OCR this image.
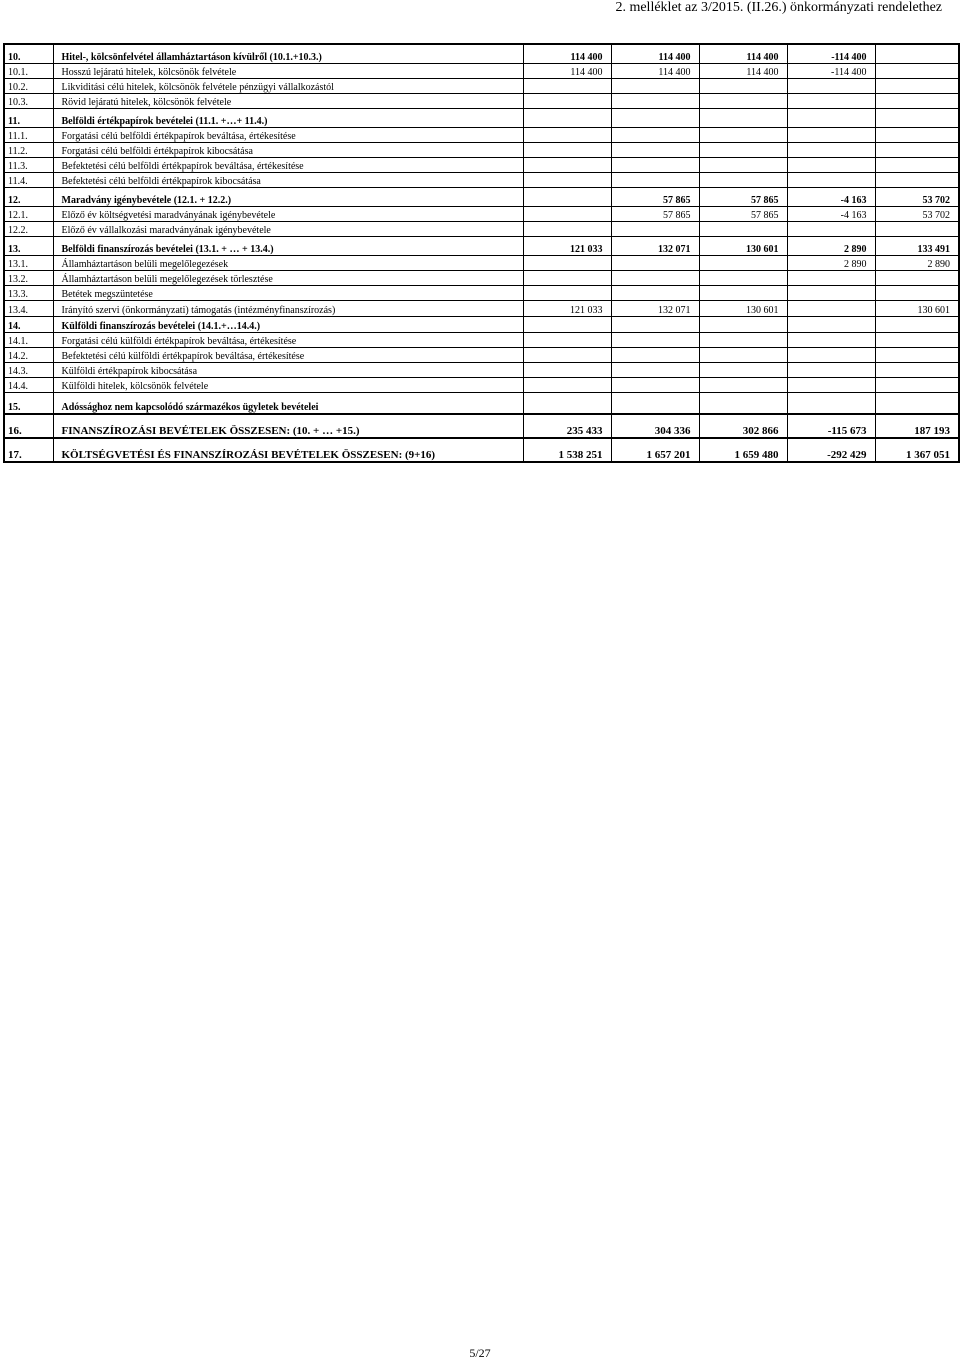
2. melléklet az 3/2015. (II.26.) önkormányzati rendelethez
10.	Hitel-, kölcsönfelvétel államháztartáson kívülről (10.1.+10.3.)	114 400	114 400	114 400	-114 400	
10.1.	Hosszú lejáratú hitelek, kölcsönök felvétele	114 400	114 400	114 400	-114 400	
10.2.	Likviditási célú hitelek, kölcsönök felvétele pénzügyi vállalkozástól					
10.3.	Rövid lejáratú hitelek, kölcsönök felvétele					
11.	Belföldi értékpapírok bevételei (11.1. +…+ 11.4.)					
11.1.	Forgatási célú belföldi értékpapírok beváltása, értékesítése					
11.2.	Forgatási célú belföldi értékpapírok kibocsátása					
11.3.	Befektetési célú belföldi értékpapírok beváltása, értékesítése					
11.4.	Befektetési célú belföldi értékpapírok kibocsátása					
12.	Maradvány igénybevétele (12.1. + 12.2.)		57 865	57 865	-4 163	53 702
12.1.	Előző év költségvetési maradványának igénybevétele		57 865	57 865	-4 163	53 702
12.2.	Előző év vállalkozási maradványának igénybevétele					
13.	Belföldi finanszírozás bevételei (13.1. + … + 13.4.)	121 033	132 071	130 601	2 890	133 491
13.1.	Államháztartáson belüli megelőlegezések				2 890	2 890
13.2.	Államháztartáson belüli megelőlegezések törlesztése					
13.3.	Betétek megszüntetése					
13.4.	Irányító szervi (önkormányzati) támogatás (intézményfinanszírozás)	121 033	132 071	130 601		130 601
14.	Külföldi finanszírozás bevételei (14.1.+…14.4.)					
14.1.	Forgatási célú külföldi értékpapírok beváltása, értékesítése					
14.2.	Befektetési célú külföldi értékpapírok beváltása, értékesítése					
14.3.	Külföldi értékpapírok kibocsátása					
14.4.	Külföldi hitelek, kölcsönök felvétele					
15.	Adóssághoz nem kapcsolódó származékos ügyletek bevételei					
16.	FINANSZÍROZÁSI BEVÉTELEK ÖSSZESEN: (10. + … +15.)	235 433	304 336	302 866	-115 673	187 193
17.	KÖLTSÉGVETÉSI ÉS FINANSZÍROZÁSI BEVÉTELEK ÖSSZESEN: (9+16)	1 538 251	1 657 201	1 659 480	-292 429	1 367 051
5/27
